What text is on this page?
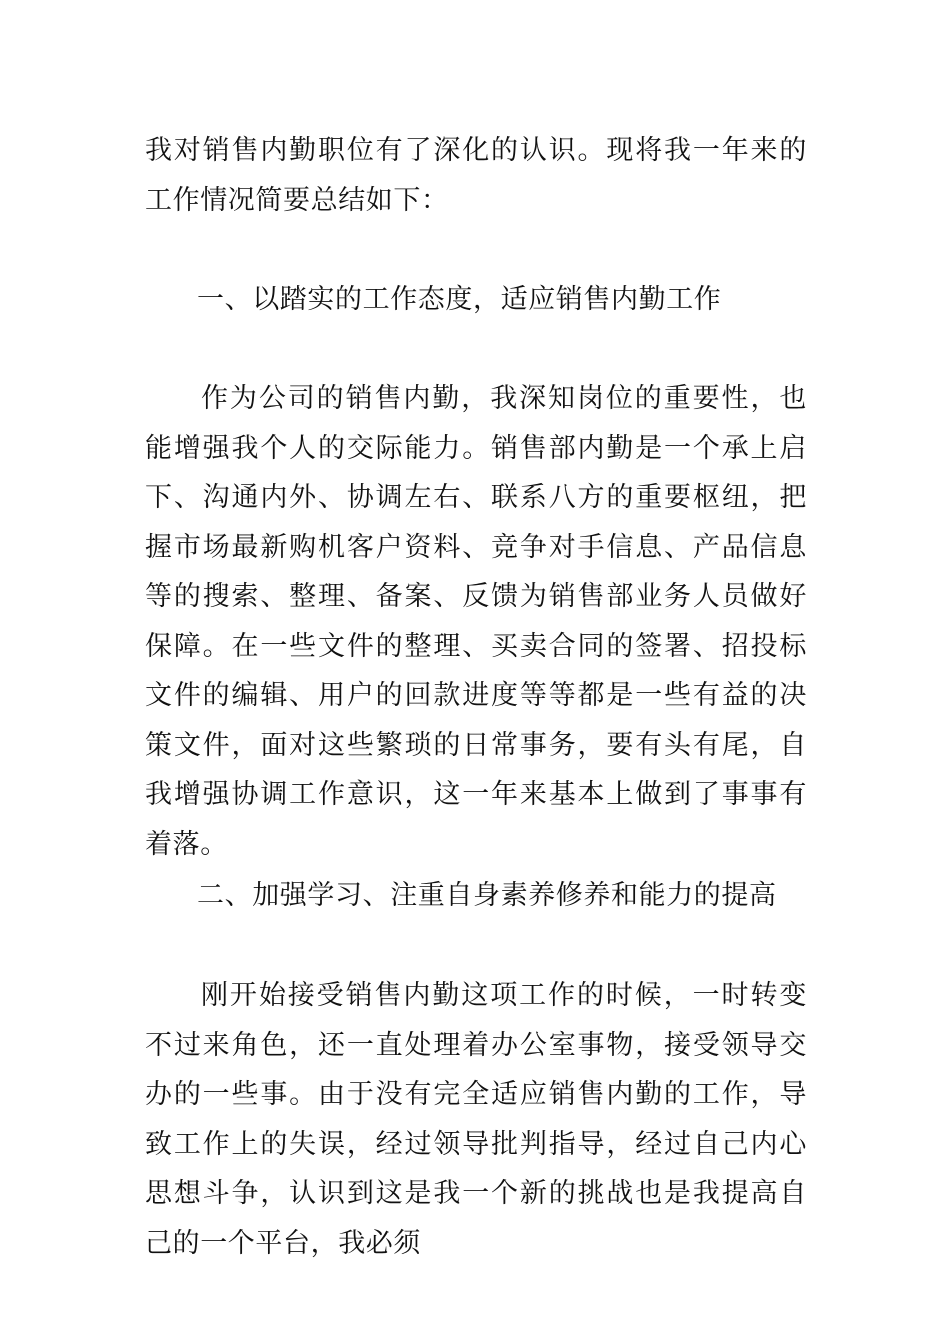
我对销售内勤职位有了深化的认识。现将我一年来的工作情况简要总结如下：

一、以踏实的工作态度，适应销售内勤工作

作为公司的销售内勤，我深知岗位的重要性，也能增强我个人的交际能力。销售部内勤是一个承上启下、沟通内外、协调左右、联系八方的重要枢纽，把握市场最新购机客户资料、竞争对手信息、产品信息等的搜索、整理、备案、反馈为销售部业务人员做好保障。在一些文件的整理、买卖合同的签署、招投标文件的编辑、用户的回款进度等等都是一些有益的决策文件，面对这些繁琐的日常事务，要有头有尾，自我增强协调工作意识，这一年来基本上做到了事事有着落。

二、加强学习、注重自身素养修养和能力的提高

刚开始接受销售内勤这项工作的时候，一时转变不过来角色，还一直处理着办公室事物，接受领导交办的一些事。由于没有完全适应销售内勤的工作，导致工作上的失误，经过领导批判指导，经过自己内心思想斗争，认识到这是我一个新的挑战也是我提高自己的一个平台，我必须
